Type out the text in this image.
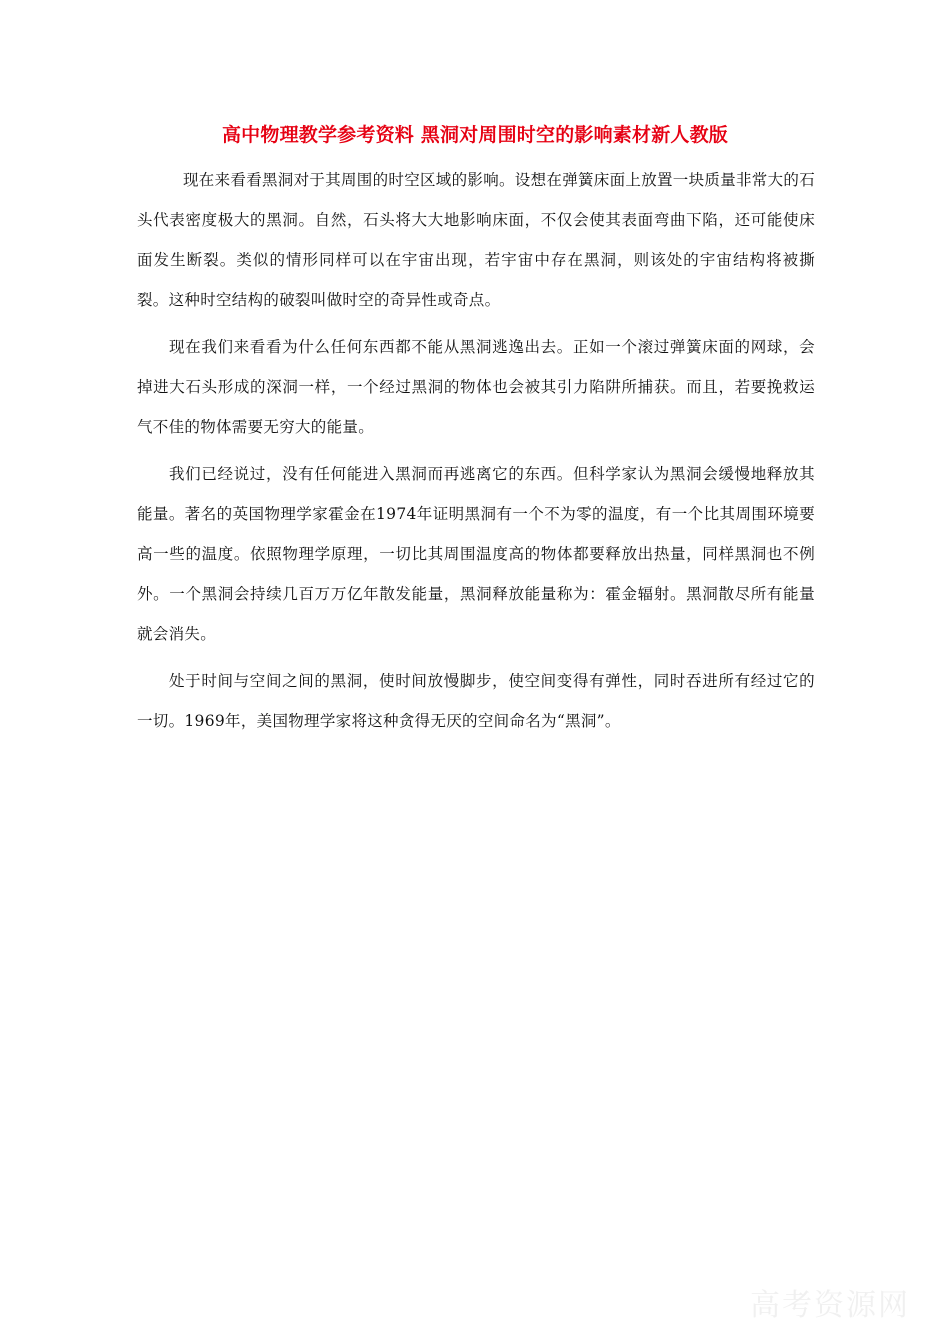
高中物理教学参考资料 黑洞对周围时空的影响素材新人教版

现在来看看黑洞对于其周围的时空区域的影响。设想在弹簧床面上放置一块质量非常大的石头代表密度极大的黑洞。自然，石头将大大地影响床面，不仅会使其表面弯曲下陷，还可能使床面发生断裂。类似的情形同样可以在宇宙出现，若宇宙中存在黑洞，则该处的宇宙结构将被撕裂。这种时空结构的破裂叫做时空的奇异性或奇点。

现在我们来看看为什么任何东西都不能从黑洞逃逸出去。正如一个滚过弹簧床面的网球，会掉进大石头形成的深洞一样，一个经过黑洞的物体也会被其引力陷阱所捕获。而且，若要挽救运气不佳的物体需要无穷大的能量。

我们已经说过，没有任何能进入黑洞而再逃离它的东西。但科学家认为黑洞会缓慢地释放其能量。著名的英国物理学家霍金在1974年证明黑洞有一个不为零的温度，有一个比其周围环境要高一些的温度。依照物理学原理，一切比其周围温度高的物体都要释放出热量，同样黑洞也不例外。一个黑洞会持续几百万万亿年散发能量，黑洞释放能量称为：霍金辐射。黑洞散尽所有能量就会消失。

处于时间与空间之间的黑洞，使时间放慢脚步，使空间变得有弹性，同时吞进所有经过它的一切。1969年，美国物理学家将这种贪得无厌的空间命名为“黑洞”。

高考资源网
